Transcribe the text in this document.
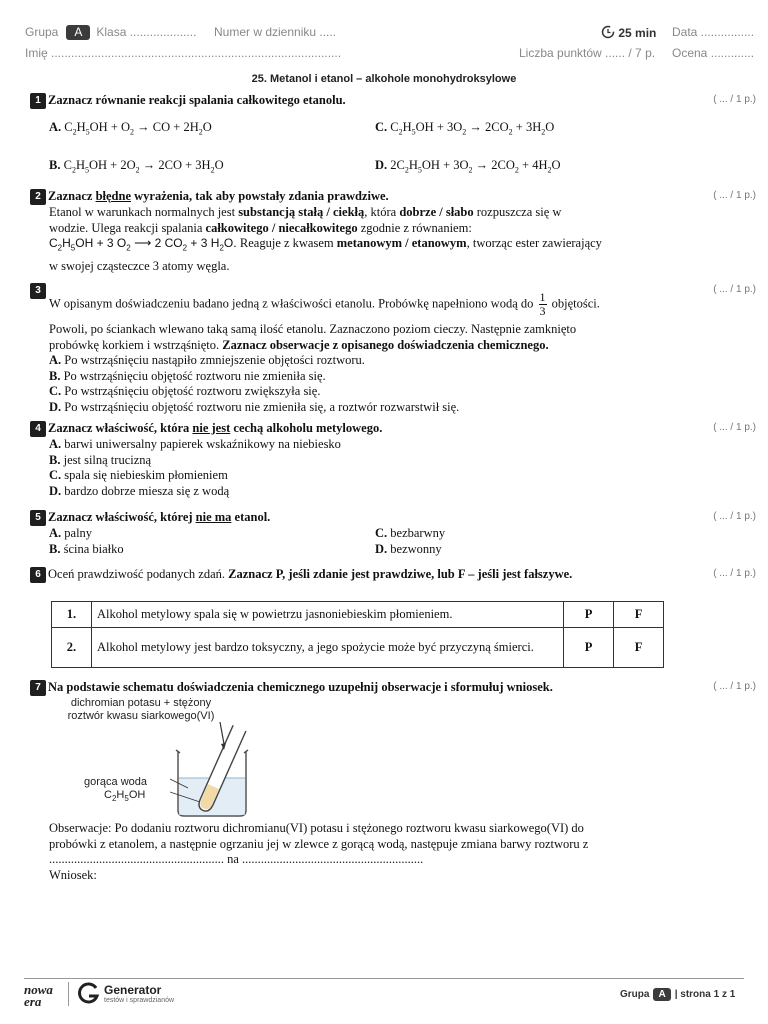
Grupa A Klasa .................... Numer w dzienniku .....	25 min Data ................
Imię .......................................................................................	Liczba punktów ...... / 7 p. Ocena .............
25. Metanol i etanol – alkohole monohydroksylowe
1 Zaznacz równanie reakcji spalania całkowitego etanolu.
A. $C_2H_5OH + O_2$ → CO + $2H_2O$	C. $C_2H_5OH + 3O_2 \to 2CO_2 + 3H_2O$
B. $C_2H_5OH + 2O_2 \to 2CO + 3H_2O$	D. $2C_2H_5OH + 3O_2 \to 2CO_2 + 4H_2O$
( ... / 1 p.)
2 Zaznacz błędne wyrażenia, tak aby powstały zdania prawdziwe.
Etanol w warunkach normalnych jest substancją stałą / ciekłą, która dobrze / słabo rozpuszcza się w
wodzie. Ulega reakcji spalania całkowitego / niecałkowitego zgodnie z równaniem:
$C_2H_5OH + 3$ $O_2$ ⟶ 2 $CO_2 + 3$ $H_2O$. Reaguje z kwasem metanowym / etanowym, tworząc ester zawierający
w swojej cząsteczce 3 atomy węgla.
( ... / 1 p.)
3
W opisanym doświadczeniu badano jedną z właściwości etanolu. Probówkę napełniono wodą do $\frac{1}{3}$ objętości.
Powoli, po ściankach wlewano taką samą ilość etanolu. Zaznaczono poziom cieczy. Następnie zamknięto
probówkę korkiem i wstrząśnięto. Zaznacz obserwacje z opisanego doświadczenia chemicznego.
A. Po wstrząśnięciu nastąpiło zmniejszenie objętości roztworu.
B. Po wstrząśnięciu objętość roztworu nie zmieniła się.
C. Po wstrząśnięciu objętość roztworu zwiększyła się.
D. Po wstrząśnięciu objętość roztworu nie zmieniła się, a roztwór rozwarstwił się.
( ... / 1 p.)
4 Zaznacz właściwość, która nie jest cechą alkoholu metylowego.
A. barwi uniwersalny papierek wskaźnikowy na niebiesko
B. jest silną trucizną
C. spala się niebieskim płomieniem
D. bardzo dobrze miesza się z wodą
( ... / 1 p.)
5 Zaznacz właściwość, której nie ma etanol.
A. palny	C. bezbarwny
B. ścina białko	D. bezwonny
( ... / 1 p.)
6 Oceń prawdziwość podanych zdań. Zaznacz P, jeśli zdanie jest prawdziwe, lub F – jeśli jest fałszywe.	( ... / 1 p.)
1.	Alkohol metylowy spala się w powietrzu jasnoniebieskim płomieniem.	P	F
2.	Alkohol metylowy jest bardzo toksyczny, a jego spożycie może być przyczyną śmierci.	P	F
7 Na podstawie schematu doświadczenia chemicznego uzupełnij obserwacje i sformułuj wniosek.	( ... / 1 p.)
dichromian potasu + stężony
roztwór kwasu siarkowego(VI)
gorąca woda
$C_2H_5OH$
Obserwacje: Po dodaniu roztworu dichromianu(VI) potasu i stężonego roztworu kwasu siarkowego(VI) do
probówki z etanolem, a następnie ogrzaniu jej w zlewce z gorącą wodą, następuje zmiana barwy roztworu z
........................................................ na ..........................................................
Wniosek:
nowa
era
Generator
testów i sprawdzianów
Grupa A | strona 1 z 1
